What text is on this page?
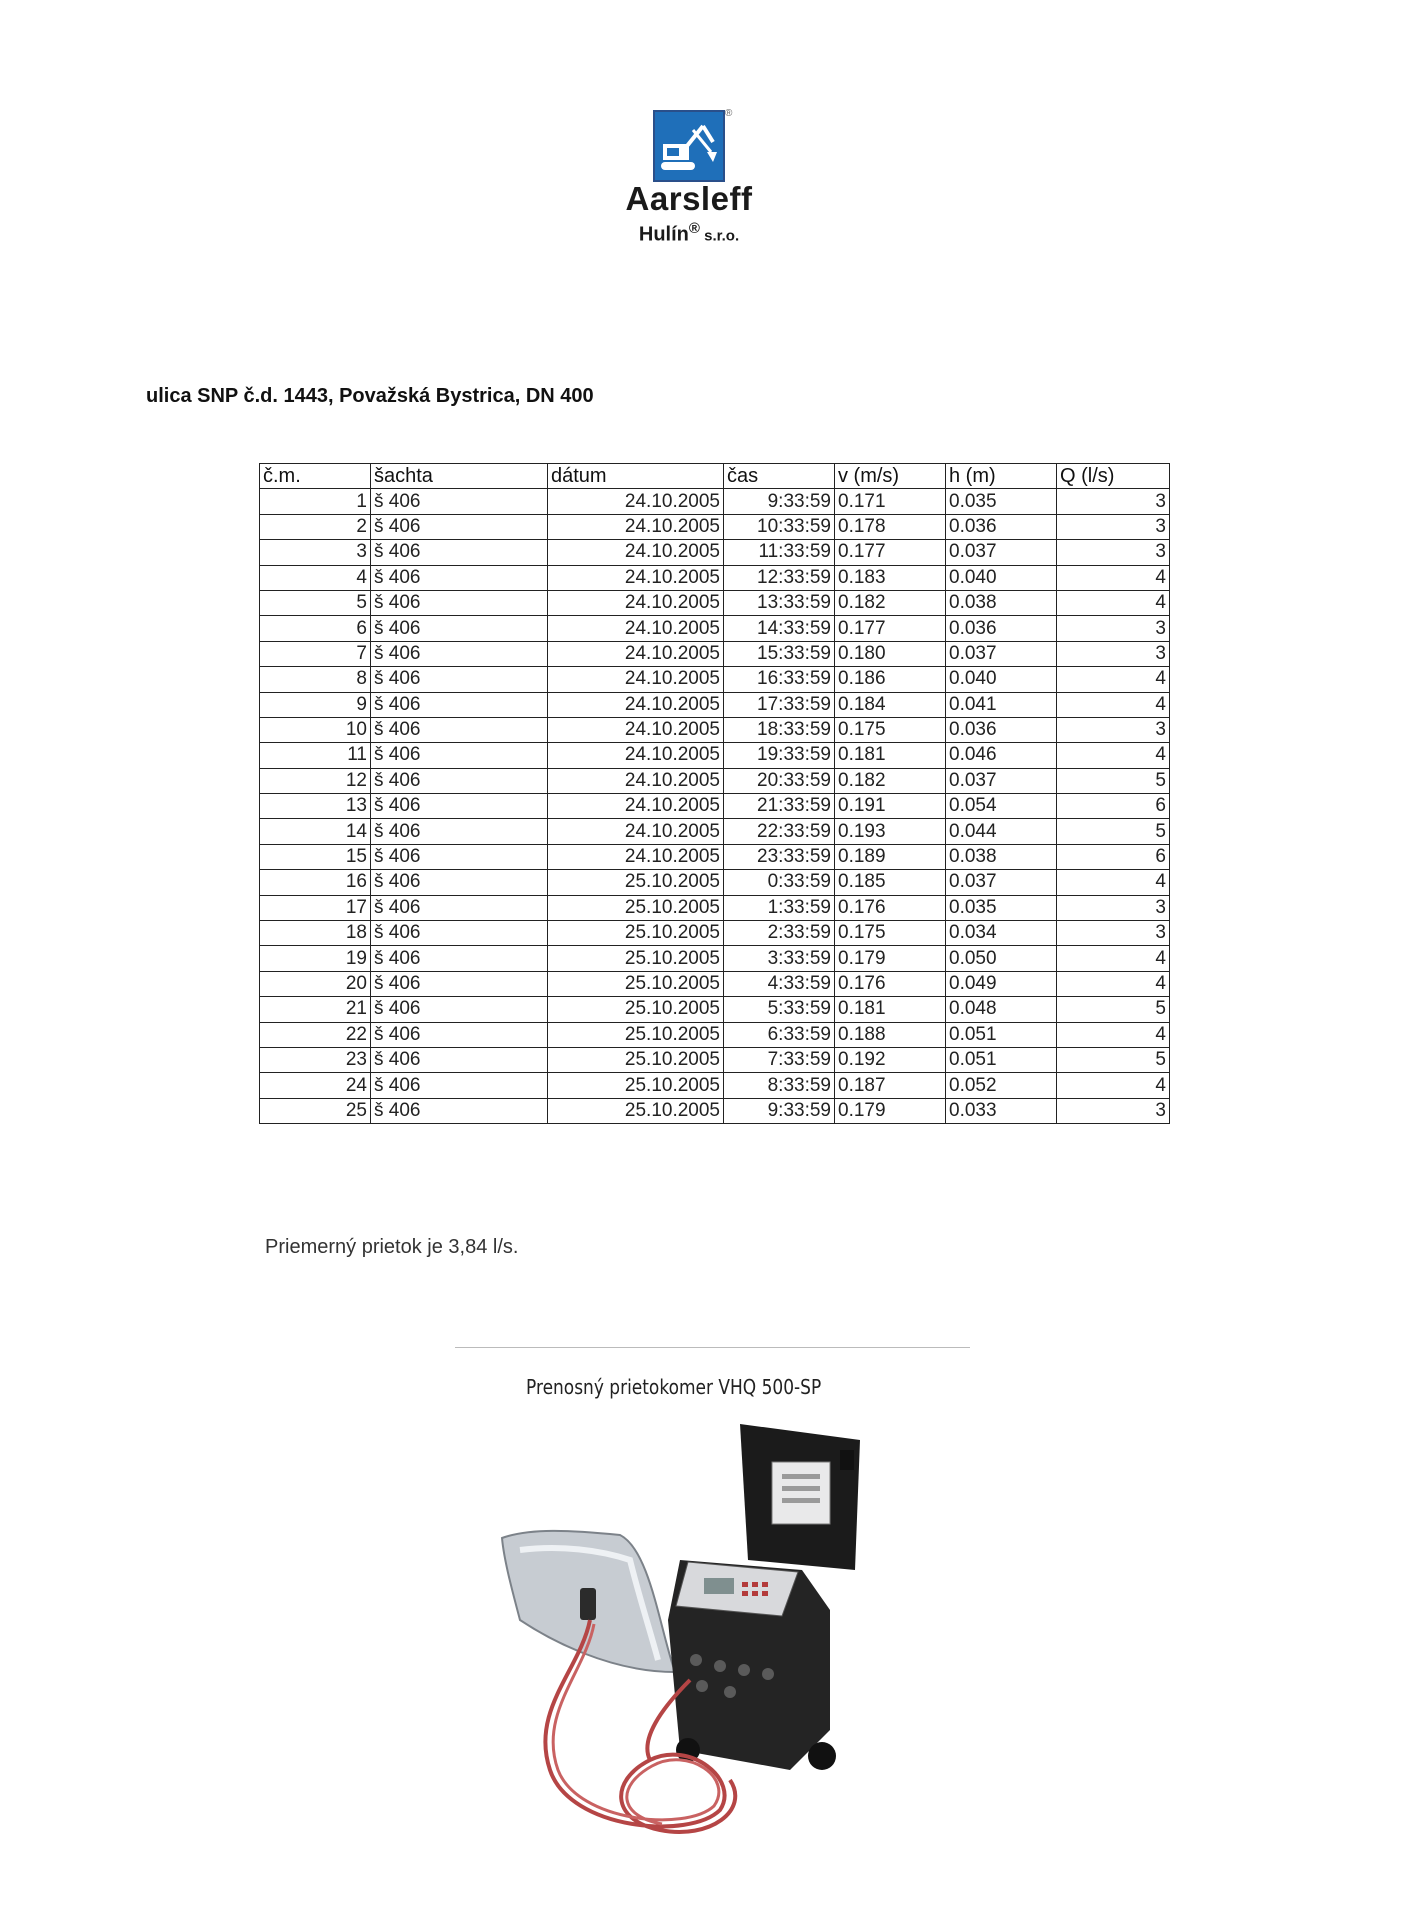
®
Aarsleff
Hulín® s.r.o.
ulica SNP č.d. 1443, Považská Bystrica, DN 400
č.m.	šachta	dátum	čas	v (m/s)	h (m)	Q (l/s)
1	š 406	24.10.2005	9:33:59	0.171	0.035	3
2	š 406	24.10.2005	10:33:59	0.178	0.036	3
3	š 406	24.10.2005	11:33:59	0.177	0.037	3
4	š 406	24.10.2005	12:33:59	0.183	0.040	4
5	š 406	24.10.2005	13:33:59	0.182	0.038	4
6	š 406	24.10.2005	14:33:59	0.177	0.036	3
7	š 406	24.10.2005	15:33:59	0.180	0.037	3
8	š 406	24.10.2005	16:33:59	0.186	0.040	4
9	š 406	24.10.2005	17:33:59	0.184	0.041	4
10	š 406	24.10.2005	18:33:59	0.175	0.036	3
11	š 406	24.10.2005	19:33:59	0.181	0.046	4
12	š 406	24.10.2005	20:33:59	0.182	0.037	5
13	š 406	24.10.2005	21:33:59	0.191	0.054	6
14	š 406	24.10.2005	22:33:59	0.193	0.044	5
15	š 406	24.10.2005	23:33:59	0.189	0.038	6
16	š 406	25.10.2005	0:33:59	0.185	0.037	4
17	š 406	25.10.2005	1:33:59	0.176	0.035	3
18	š 406	25.10.2005	2:33:59	0.175	0.034	3
19	š 406	25.10.2005	3:33:59	0.179	0.050	4
20	š 406	25.10.2005	4:33:59	0.176	0.049	4
21	š 406	25.10.2005	5:33:59	0.181	0.048	5
22	š 406	25.10.2005	6:33:59	0.188	0.051	4
23	š 406	25.10.2005	7:33:59	0.192	0.051	5
24	š 406	25.10.2005	8:33:59	0.187	0.052	4
25	š 406	25.10.2005	9:33:59	0.179	0.033	3
Priemerný prietok je 3,84 l/s.
Prenosný prietokomer VHQ 500-SP
